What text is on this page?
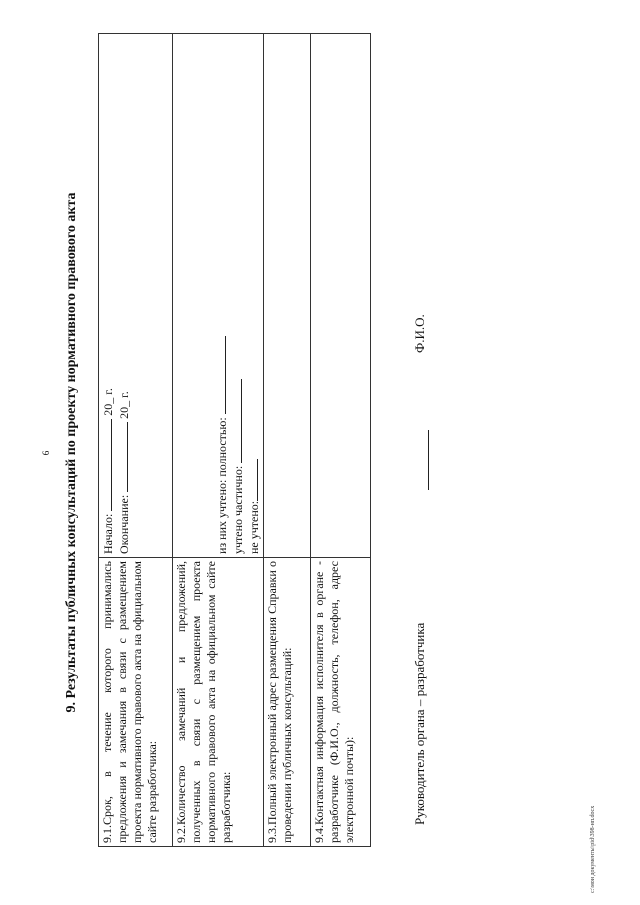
6 9. Результаты публичных консультаций по проекту нормативного правового акта 9.1.Срок, в течение которого принимались предложения и замечания в связи с размещением проекта нормативного правового акта на официальном сайте разработчика:	Начало:  20_ г.
Окончание:  20_ г.

9.2.Количество замечаний и предложений, полученных в связи с размещением проекта нормативного правового акта на официальном сайте разработчика:	из них учтено: полностью: учтено частично: не учтено:

9.3.Полный электронный адрес размещения Справки о проведении публичных консультаций:	
9.4.Контактная информация исполнителя в органе - разработчике (Ф.И.О., должность, телефон, адрес электронной почты):		Руководитель органа – разработчика
Ф.И.О.
c:\мои документы\pid\398-нп.docx
